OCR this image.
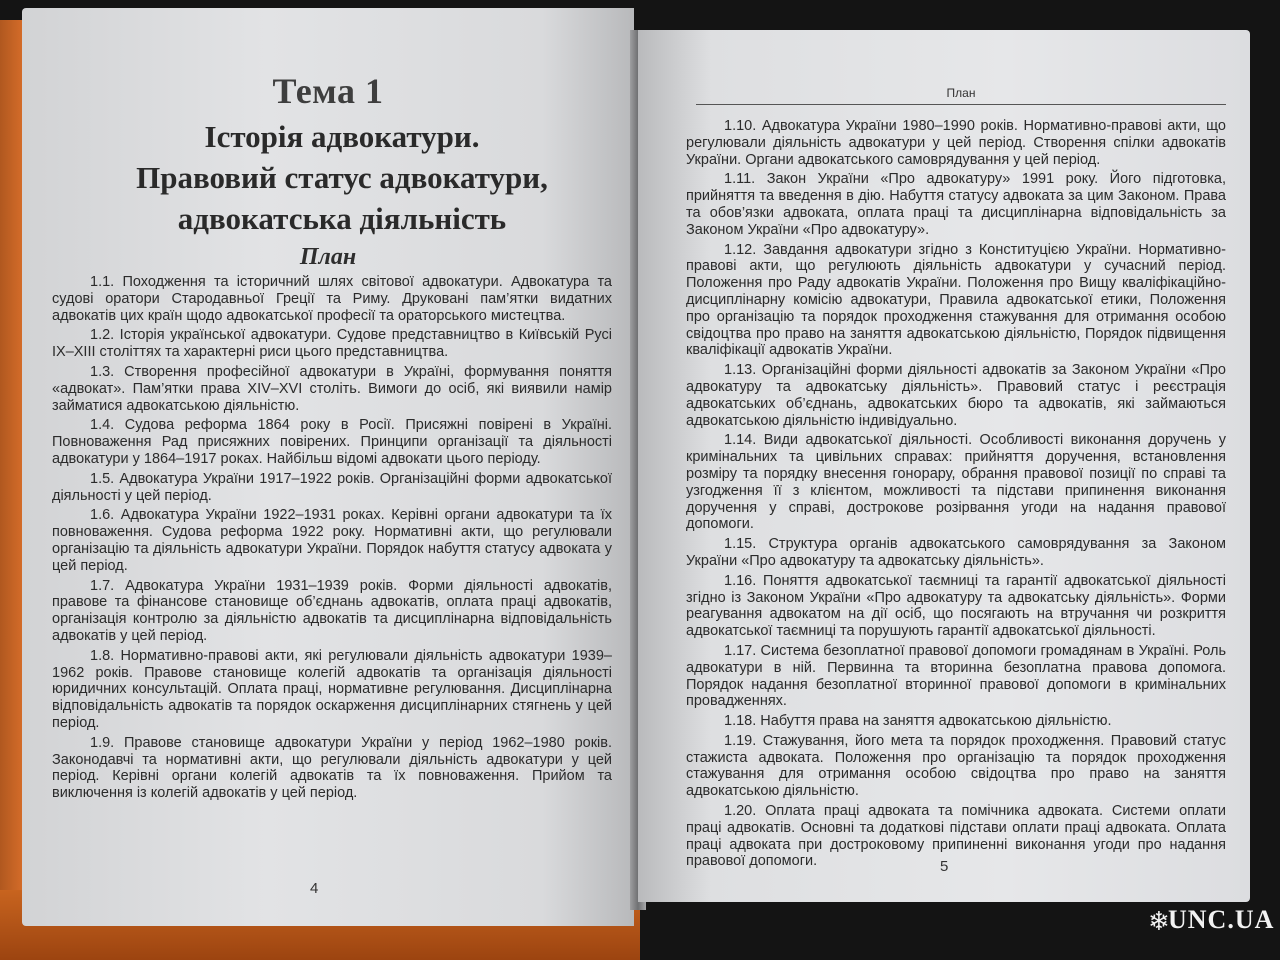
Тема 1
Історія адвокатури.
Правовий статус адвокатури,
адвокатська діяльність
План

1.1. Походження та історичний шлях світової адвокатури. Адвокатура та судові оратори Стародавньої Греції та Риму. Друковані пам’ятки видатних адвокатів цих країн щодо адвокатської професії та ораторського мистецтва.

1.2. Історія української адвокатури. Судове представництво в Київській Русі IX–XIII століттях та характерні риси цього представництва.

1.3. Створення професійної адвокатури в Україні, формування поняття «адвокат». Пам’ятки права XIV–XVI століть. Вимоги до осіб, які виявили намір займатися адвокатською діяльністю.

1.4. Судова реформа 1864 року в Росії. Присяжні повірені в Україні. Повноваження Рад присяжних повірених. Принципи організації та діяльності адвокатури у 1864–1917 роках. Найбільш відомі адвокати цього періоду.

1.5. Адвокатура України 1917–1922 років. Організаційні форми адвокатської діяльності у цей період.

1.6. Адвокатура України 1922–1931 роках. Керівні органи адвокатури та їх повноваження. Судова реформа 1922 року. Нормативні акти, що регулювали організацію та діяльність адвокатури України. Порядок набуття статусу адвоката у цей період.

1.7. Адвокатура України 1931–1939 років. Форми діяльності адвокатів, правове та фінансове становище об’єднань адвокатів, оплата праці адвокатів, організація контролю за діяльністю адвокатів та дисциплінарна відповідальність адвокатів у цей період.

1.8. Нормативно-правові акти, які регулювали діяльність адвокатури 1939–1962 років. Правове становище колегій адвокатів та організація діяльності юридичних консультацій. Оплата праці, нормативне регулювання. Дисциплінарна відповідальність адвокатів та порядок оскарження дисциплінарних стягнень у цей період.

1.9. Правове становище адвокатури України у період 1962–1980 років. Законодавчі та нормативні акти, що регулювали діяльність адвокатури у цей період. Керівні органи колегій адвокатів та їх повноваження. Прийом та виключення із колегій адвокатів у цей період.

4
План

1.10. Адвокатура України 1980–1990 років. Нормативно-правові акти, що регулювали діяльність адвокатури у цей період. Створення спілки адвокатів України. Органи адвокатського самоврядування у цей період.

1.11. Закон України «Про адвокатуру» 1991 року. Його підготовка, прийняття та введення в дію. Набуття статусу адвоката за цим Законом. Права та обов’язки адвоката, оплата праці та дисциплінарна відповідальність за Законом України «Про адвокатуру».

1.12. Завдання адвокатури згідно з Конституцією України. Нормативно-правові акти, що регулюють діяльність адвокатури у сучасний період. Положення про Раду адвокатів України. Положення про Вищу кваліфікаційно-дисциплінарну комісію адвокатури, Правила адвокатської етики, Положення про організацію та порядок проходження стажування для отримання особою свідоцтва про право на заняття адвокатською діяльністю, Порядок підвищення кваліфікації адвокатів України.

1.13. Організаційні форми діяльності адвокатів за Законом України «Про адвокатуру та адвокатську діяльність». Правовий статус і реєстрація адвокатських об’єднань, адвокатських бюро та адвокатів, які займаються адвокатською діяльністю індивідуально.

1.14. Види адвокатської діяльності. Особливості виконання доручень у кримінальних та цивільних справах: прийняття доручення, встановлення розміру та порядку внесення гонорару, обрання правової позиції по справі та узгодження її з клієнтом, можливості та підстави припинення виконання доручення у справі, дострокове розірвання угоди на надання правової допомоги.

1.15. Структура органів адвокатського самоврядування за Законом України «Про адвокатуру та адвокатську діяльність».

1.16. Поняття адвокатської таємниці та гарантії адвокатської діяльності згідно із Законом України «Про адвокатуру та адвокатську діяльність». Форми реагування адвокатом на дії осіб, що посягають на втручання чи розкриття адвокатської таємниці та порушують гарантії адвокатської діяльності.

1.17. Система безоплатної правової допомоги громадянам в Україні. Роль адвокатури в ній. Первинна та вторинна безоплатна правова допомога. Порядок надання безоплатної вторинної правової допомоги в кримінальних провадженнях.

1.18. Набуття права на заняття адвокатською діяльністю.

1.19. Стажування, його мета та порядок проходження. Правовий статус стажиста адвоката. Положення про організацію та порядок проходження стажування для отримання особою свідоцтва про право на заняття адвокатською діяльністю.

1.20. Оплата праці адвоката та помічника адвоката. Системи оплати праці адвокатів. Основні та додаткові підстави оплати праці адвоката. Оплата праці адвоката при достроковому припиненні виконання угоди про надання правової допомоги.	5
❄
UNC.UA
